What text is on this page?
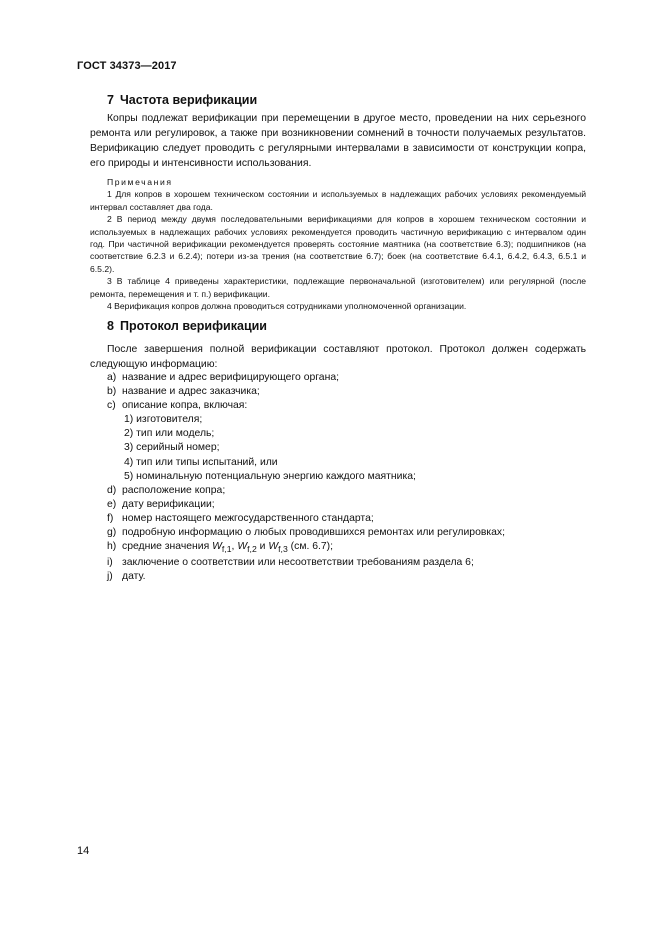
ГОСТ 34373—2017
7 Частота верификации

Копры подлежат верификации при перемещении в другое место, проведении на них серьезного ремонта или регулировок, а также при возникновении сомнений в точности получаемых результатов. Верификацию следует проводить с регулярными интервалами в зависимости от конструкции копра, его природы и интенсивности использования.

Примечания

1 Для копров в хорошем техническом состоянии и используемых в надлежащих рабочих условиях рекомендуемый интервал составляет два года.

2 В период между двумя последовательными верификациями для копров в хорошем техническом состоянии и используемых в надлежащих рабочих условиях рекомендуется проводить частичную верификацию с интервалом один год. При частичной верификации рекомендуется проверять состояние маятника (на соответствие 6.3); подшипников (на соответствие 6.2.3 и 6.2.4); потери из-за трения (на соответствие 6.7); боек (на соответствие 6.4.1, 6.4.2, 6.4.3, 6.5.1 и 6.5.2).

3 В таблице 4 приведены характеристики, подлежащие первоначальной (изготовителем) или регулярной (после ремонта, перемещения и т. п.) верификации.

4 Верификация копров должна проводиться сотрудниками уполномоченной организации.

8 Протокол верификации

После завершения полной верификации составляют протокол. Протокол должен содержать следующую информацию:

a) название и адрес верифицирующего органа;
b) название и адрес заказчика;
c) описание копра, включая:
1) изготовителя;
2) тип или модель;
3) серийный номер;
4) тип или типы испытаний, или
5) номинальную потенциальную энергию каждого маятника;
d) расположение копра;
e) дату верификации;
f) номер настоящего межгосударственного стандарта;
g) подробную информацию о любых проводившихся ремонтах или регулировках;
h) средние значения $W_{f,1}$, $W_{f,2}$ и $W_{f,3}$ (см. 6.7);
i) заключение о соответствии или несоответствии требованиям раздела 6;
j) дату.
14
